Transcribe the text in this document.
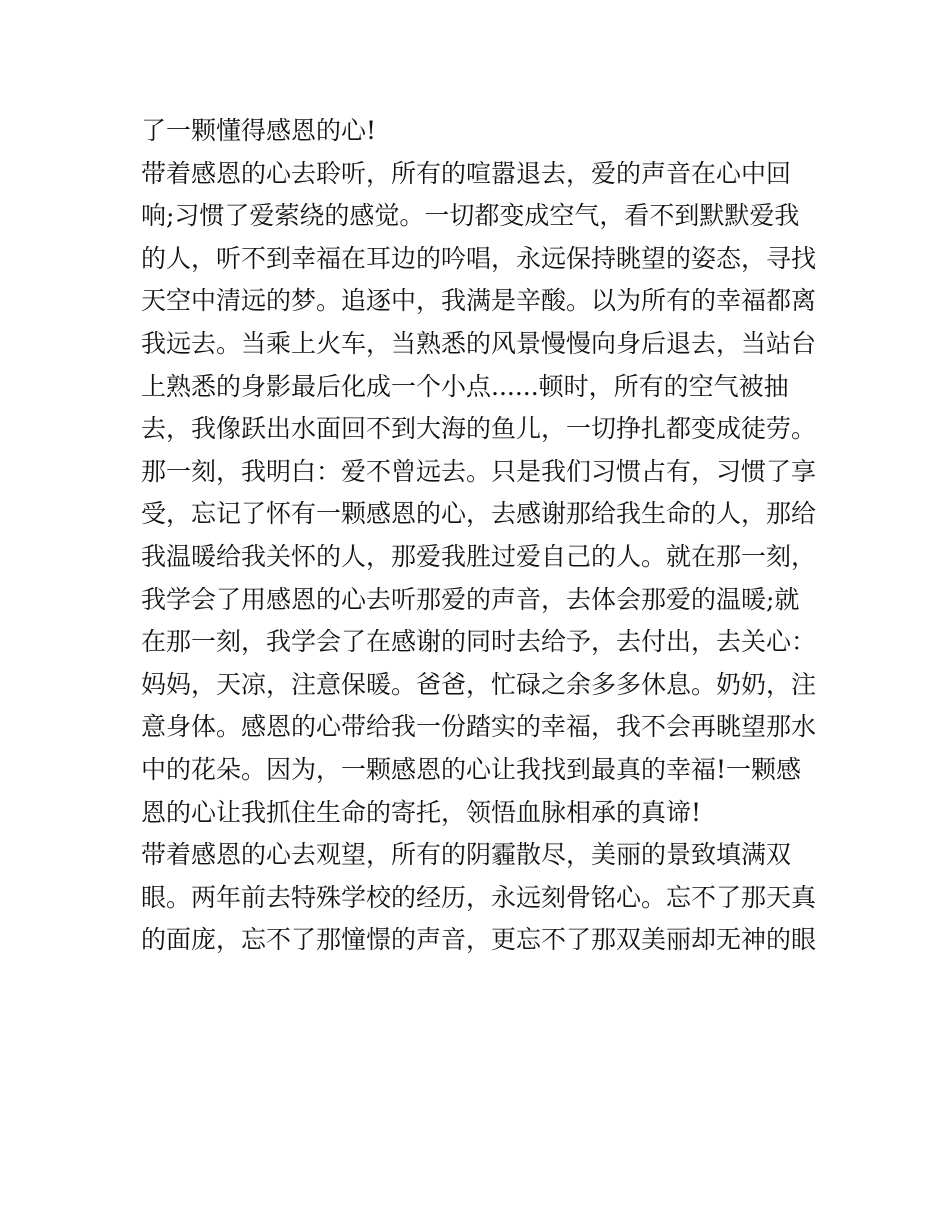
了一颗懂得感恩的心!
带着感恩的心去聆听，所有的喧嚣退去，爱的声音在心中回
响;习惯了爱萦绕的感觉。一切都变成空气，看不到默默爱我
的人，听不到幸福在耳边的吟唱，永远保持眺望的姿态，寻找
天空中清远的梦。追逐中，我满是辛酸。以为所有的幸福都离
我远去。当乘上火车，当熟悉的风景慢慢向身后退去，当站台
上熟悉的身影最后化成一个小点......顿时，所有的空气被抽
去，我像跃出水面回不到大海的鱼儿，一切挣扎都变成徒劳。
那一刻，我明白：爱不曾远去。只是我们习惯占有，习惯了享
受，忘记了怀有一颗感恩的心，去感谢那给我生命的人，那给
我温暖给我关怀的人，那爱我胜过爱自己的人。就在那一刻，
我学会了用感恩的心去听那爱的声音，去体会那爱的温暖;就
在那一刻，我学会了在感谢的同时去给予，去付出，去关心：
妈妈，天凉，注意保暖。爸爸，忙碌之余多多休息。奶奶，注
意身体。感恩的心带给我一份踏实的幸福，我不会再眺望那水
中的花朵。因为，一颗感恩的心让我找到最真的幸福!一颗感
恩的心让我抓住生命的寄托，领悟血脉相承的真谛!
带着感恩的心去观望，所有的阴霾散尽，美丽的景致填满双
眼。两年前去特殊学校的经历，永远刻骨铭心。忘不了那天真
的面庞，忘不了那憧憬的声音，更忘不了那双美丽却无神的眼
